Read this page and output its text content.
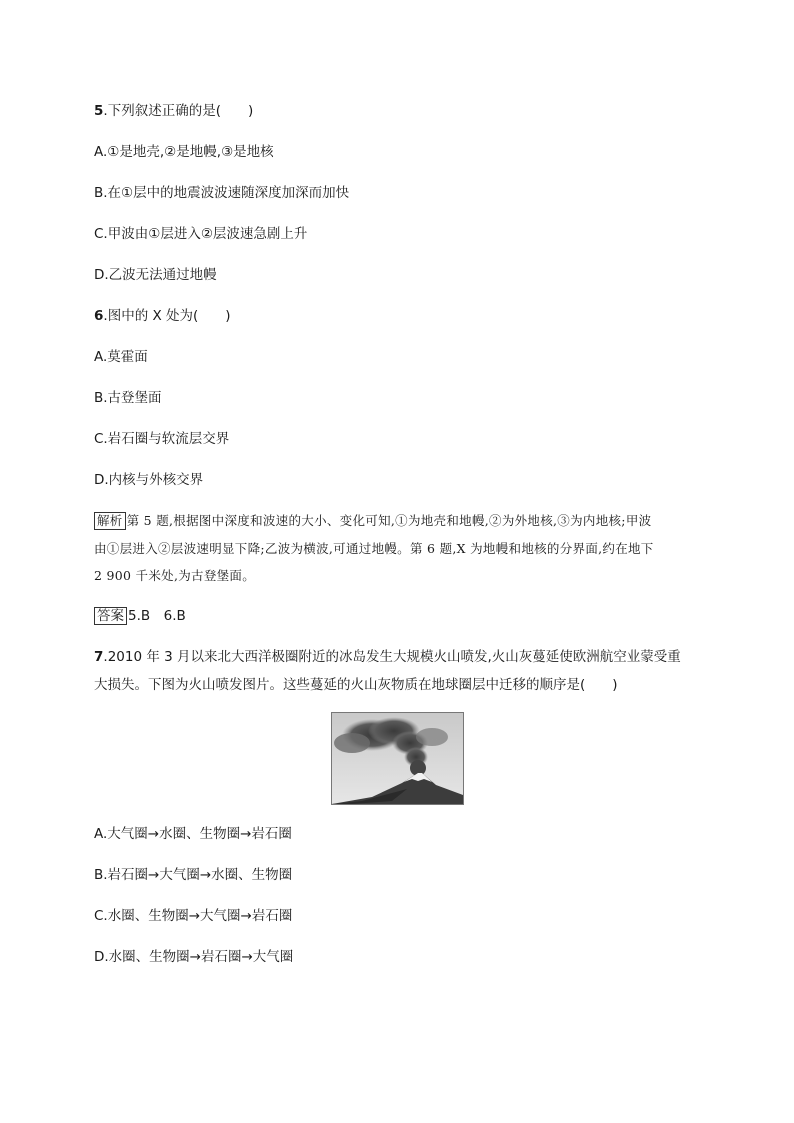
5.下列叙述正确的是(　　)
A.①是地壳,②是地幔,③是地核
B.在①层中的地震波波速随深度加深而加快
C.甲波由①层进入②层波速急剧上升
D.乙波无法通过地幔
6.图中的 X 处为(　　)
A.莫霍面
B.古登堡面
C.岩石圈与软流层交界
D.内核与外核交界
解析 第 5 题,根据图中深度和波速的大小、变化可知,①为地壳和地幔,②为外地核,③为内地核;甲波
由①层进入②层波速明显下降;乙波为横波,可通过地幔。第 6 题,X 为地幔和地核的分界面,约在地下
2 900 千米处,为古登堡面。
答案 5.B　6.B
7.2010 年 3 月以来北大西洋极圈附近的冰岛发生大规模火山喷发,火山灰蔓延使欧洲航空业蒙受重
大损失。下图为火山喷发图片。这些蔓延的火山灰物质在地球圈层中迁移的顺序是(　　)
A.大气圈→水圈、生物圈→岩石圈
B.岩石圈→大气圈→水圈、生物圈
C.水圈、生物圈→大气圈→岩石圈
D.水圈、生物圈→岩石圈→大气圈
